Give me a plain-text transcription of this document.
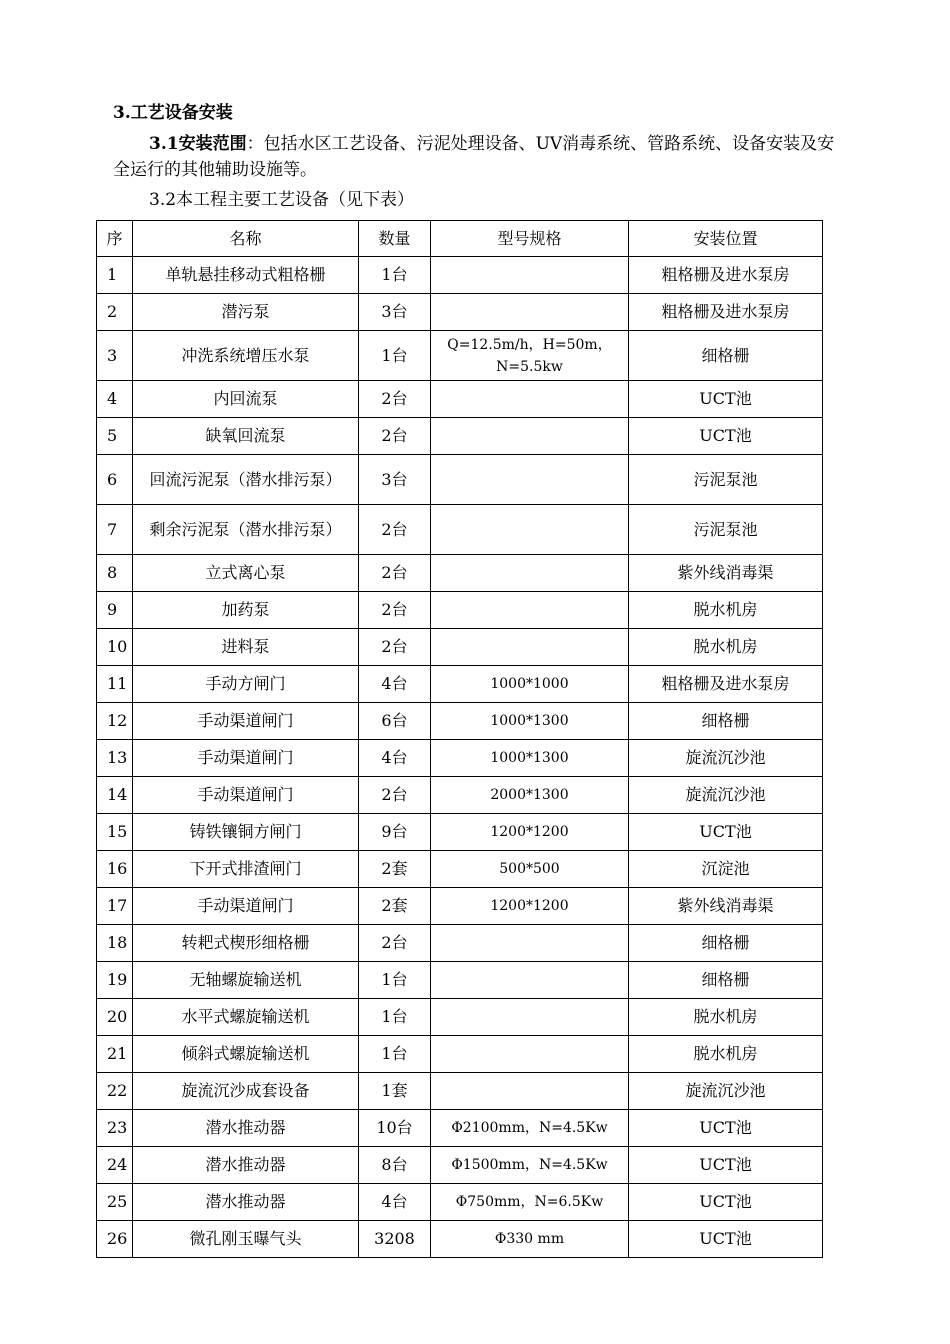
3.工艺设备安装
3.1安装范围：包括水区工艺设备、污泥处理设备、UV消毒系统、管路系统、设备安装及安全运行的其他辅助设施等。
3.2本工程主要工艺设备（见下表）
序	名称	数量	型号规格	安装位置
1	单轨悬挂移动式粗格栅	1台		粗格栅及进水泵房
2	潜污泵	3台		粗格栅及进水泵房
3	冲洗系统增压水泵	1台	Q=12.5m/h，H=50m，N=5.5kw	细格栅
4	内回流泵	2台		UCT池
5	缺氧回流泵	2台		UCT池
6	回流污泥泵（潜水排污泵）	3台		污泥泵池
7	剩余污泥泵（潜水排污泵）	2台		污泥泵池
8	立式离心泵	2台		紫外线消毒渠
9	加药泵	2台		脱水机房
10	进料泵	2台		脱水机房
11	手动方闸门	4台	1000*1000	粗格栅及进水泵房
12	手动渠道闸门	6台	1000*1300	细格栅
13	手动渠道闸门	4台	1000*1300	旋流沉沙池
14	手动渠道闸门	2台	2000*1300	旋流沉沙池
15	铸铁镶铜方闸门	9台	1200*1200	UCT池
16	下开式排渣闸门	2套	500*500	沉淀池
17	手动渠道闸门	2套	1200*1200	紫外线消毒渠
18	转耙式楔形细格栅	2台		细格栅
19	无轴螺旋输送机	1台		细格栅
20	水平式螺旋输送机	1台		脱水机房
21	倾斜式螺旋输送机	1台		脱水机房
22	旋流沉沙成套设备	1套		旋流沉沙池
23	潜水推动器	10台	Φ2100mm，N=4.5Kw	UCT池
24	潜水推动器	8台	Φ1500mm，N=4.5Kw	UCT池
25	潜水推动器	4台	Φ750mm，N=6.5Kw	UCT池
26	微孔刚玉曝气头	3208	Φ330 mm	UCT池
